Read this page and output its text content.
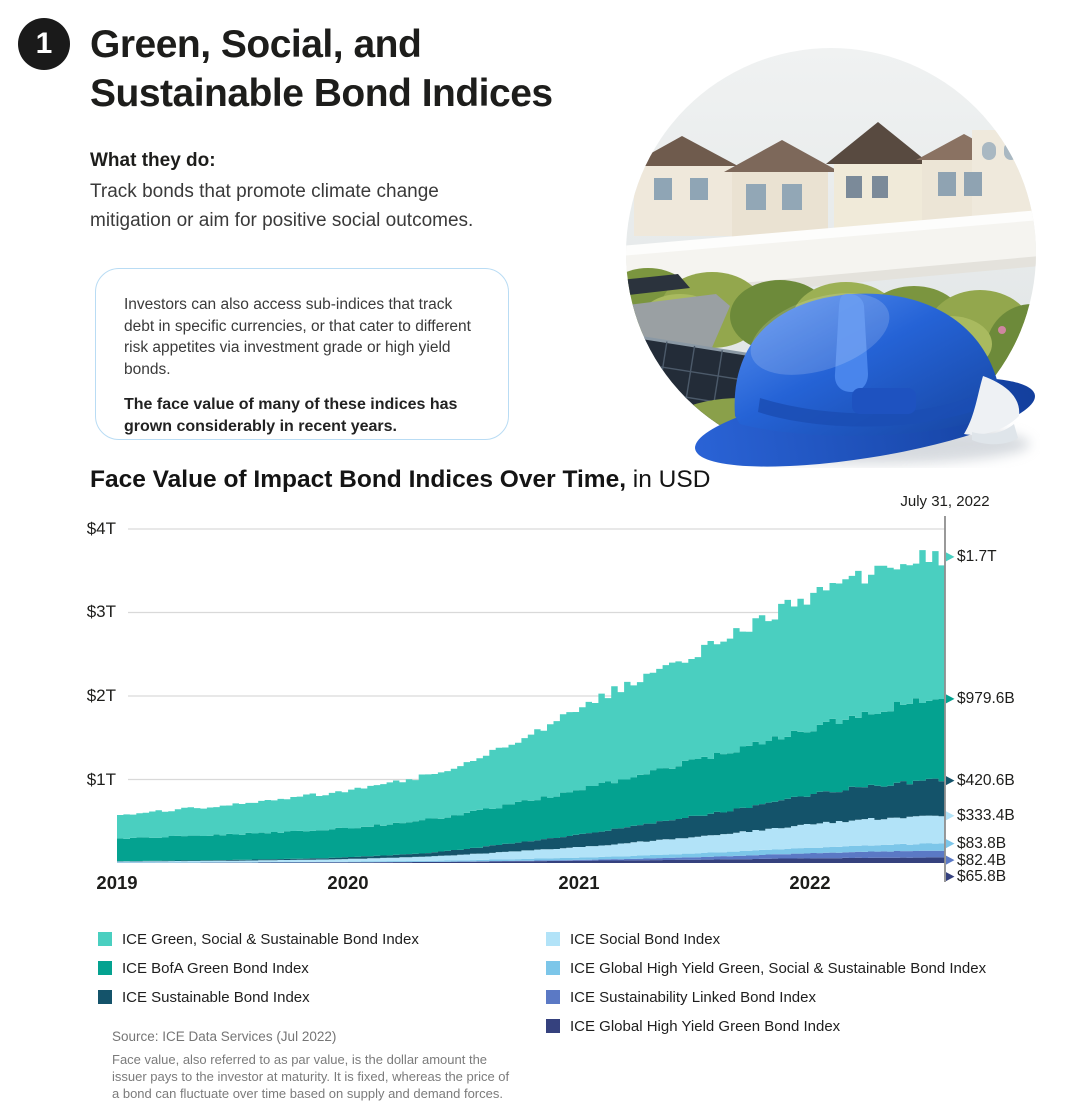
1 Green, Social, and
Sustainable Bond Indices
What they do:
Track bonds that promote climate change mitigation or aim for positive social outcomes.
Investors can also access sub-indices that track debt in specific currencies, or that cater to different risk appetites via investment grade or high yield bonds.
The face value of many of these indices has grown considerably in recent years.
Face Value of Impact Bond Indices Over Time, in USD
July 31, 2022
$4T
$3T
$2T
$1T
2019	2020	2021	2022
$1.7T
$979.6B
$420.6B
$333.4B
$83.8B
$82.4B
$65.8B
ICE Green, Social & Sustainable Bond Index
ICE BofA Green Bond Index
ICE Sustainable Bond Index
ICE Social Bond Index
ICE Global High Yield Green, Social & Sustainable Bond Index
ICE Sustainability Linked Bond Index
ICE Global High Yield Green Bond Index
Source: ICE Data Services (Jul 2022)
Face value, also referred to as par value, is the dollar amount the issuer pays to the investor at maturity. It is fixed, whereas the price of a bond can fluctuate over time based on supply and demand forces.
